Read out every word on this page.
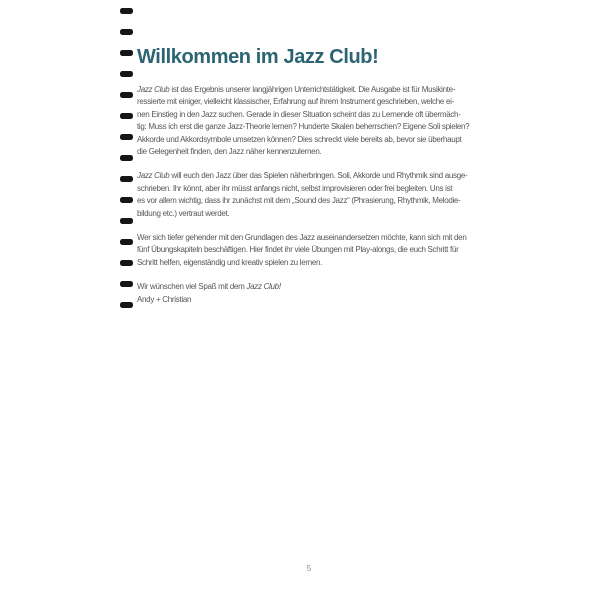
Willkommen im Jazz Club!
Jazz Club ist das Ergebnis unserer langjährigen Unterrichtstätigkeit. Die Ausgabe ist für Musikinte-
ressierte mit einiger, vielleicht klassischer, Erfahrung auf ihrem Instrument geschrieben, welche ei-
nen Einstieg in den Jazz suchen. Gerade in dieser Situation scheint das zu Lernende oft übermäch-
tig: Muss ich erst die ganze Jazz-Theorie lernen? Hunderte Skalen beherrschen? Eigene Soli spielen?
Akkorde und Akkordsymbole umsetzen können? Dies schreckt viele bereits ab, bevor sie überhaupt
die Gelegenheit finden, den Jazz näher kennenzulernen.
Jazz Club will euch den Jazz über das Spielen näherbringen. Soli, Akkorde und Rhythmik sind ausge-
schrieben. Ihr könnt, aber ihr müsst anfangs nicht, selbst improvisieren oder frei begleiten. Uns ist
es vor allem wichtig, dass ihr zunächst mit dem „Sound des Jazz“ (Phrasierung, Rhythmik, Melodie-
bildung etc.) vertraut werdet.
Wer sich tiefer gehender mit den Grundlagen des Jazz auseinandersetzen möchte, kann sich mit den
fünf Übungskapiteln beschäftigen. Hier findet ihr viele Übungen mit Play-alongs, die euch Schritt für
Schritt helfen, eigenständig und kreativ spielen zu lernen.
Wir wünschen viel Spaß mit dem Jazz Club!
Andy + Christian
5
